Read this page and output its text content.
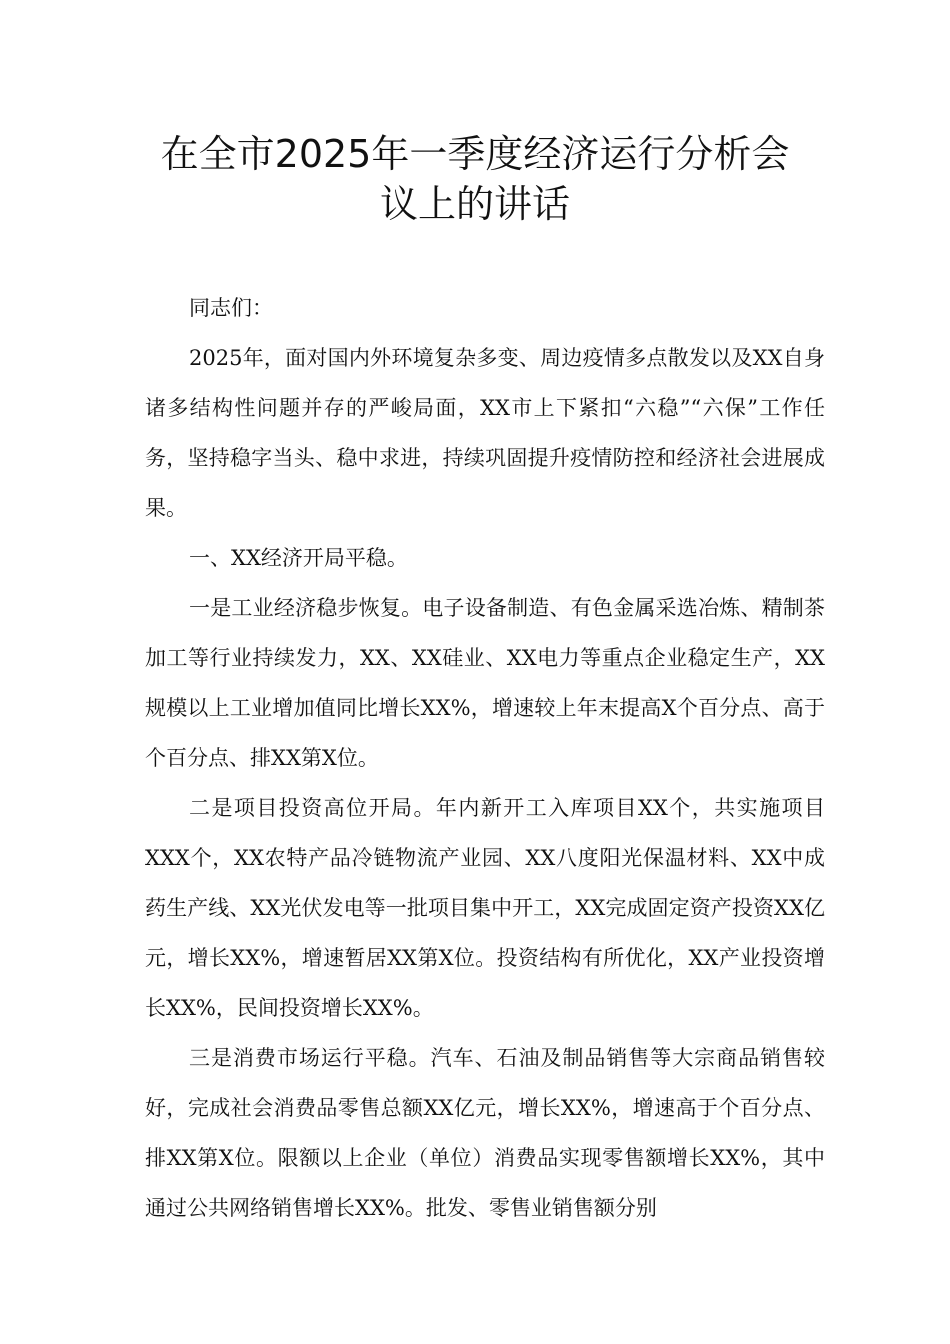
在全市2025年一季度经济运行分析会
议上的讲话

同志们：

2025年，面对国内外环境复杂多变、周边疫情多点散发以及XX自身诸多结构性问题并存的严峻局面，XX市上下紧扣“六稳”“六保”工作任务，坚持稳字当头、稳中求进，持续巩固提升疫情防控和经济社会进展成果。

一、XX经济开局平稳。

一是工业经济稳步恢复。电子设备制造、有色金属采选冶炼、精制茶加工等行业持续发力，XX、XX硅业、XX电力等重点企业稳定生产，XX规模以上工业增加值同比增长XX%，增速较上年末提高X个百分点、高于个百分点、排XX第X位。

二是项目投资高位开局。年内新开工入库项目XX个，共实施项目XXX个，XX农特产品冷链物流产业园、XX八度阳光保温材料、XX中成药生产线、XX光伏发电等一批项目集中开工，XX完成固定资产投资XX亿元，增长XX%，增速暂居XX第X位。投资结构有所优化，XX产业投资增长XX%，民间投资增长XX%。

三是消费市场运行平稳。汽车、石油及制品销售等大宗商品销售较好，完成社会消费品零售总额XX亿元，增长XX%，增速高于个百分点、排XX第X位。限额以上企业（单位）消费品实现零售额增长XX%，其中通过公共网络销售增长XX%。批发、零售业销售额分别
